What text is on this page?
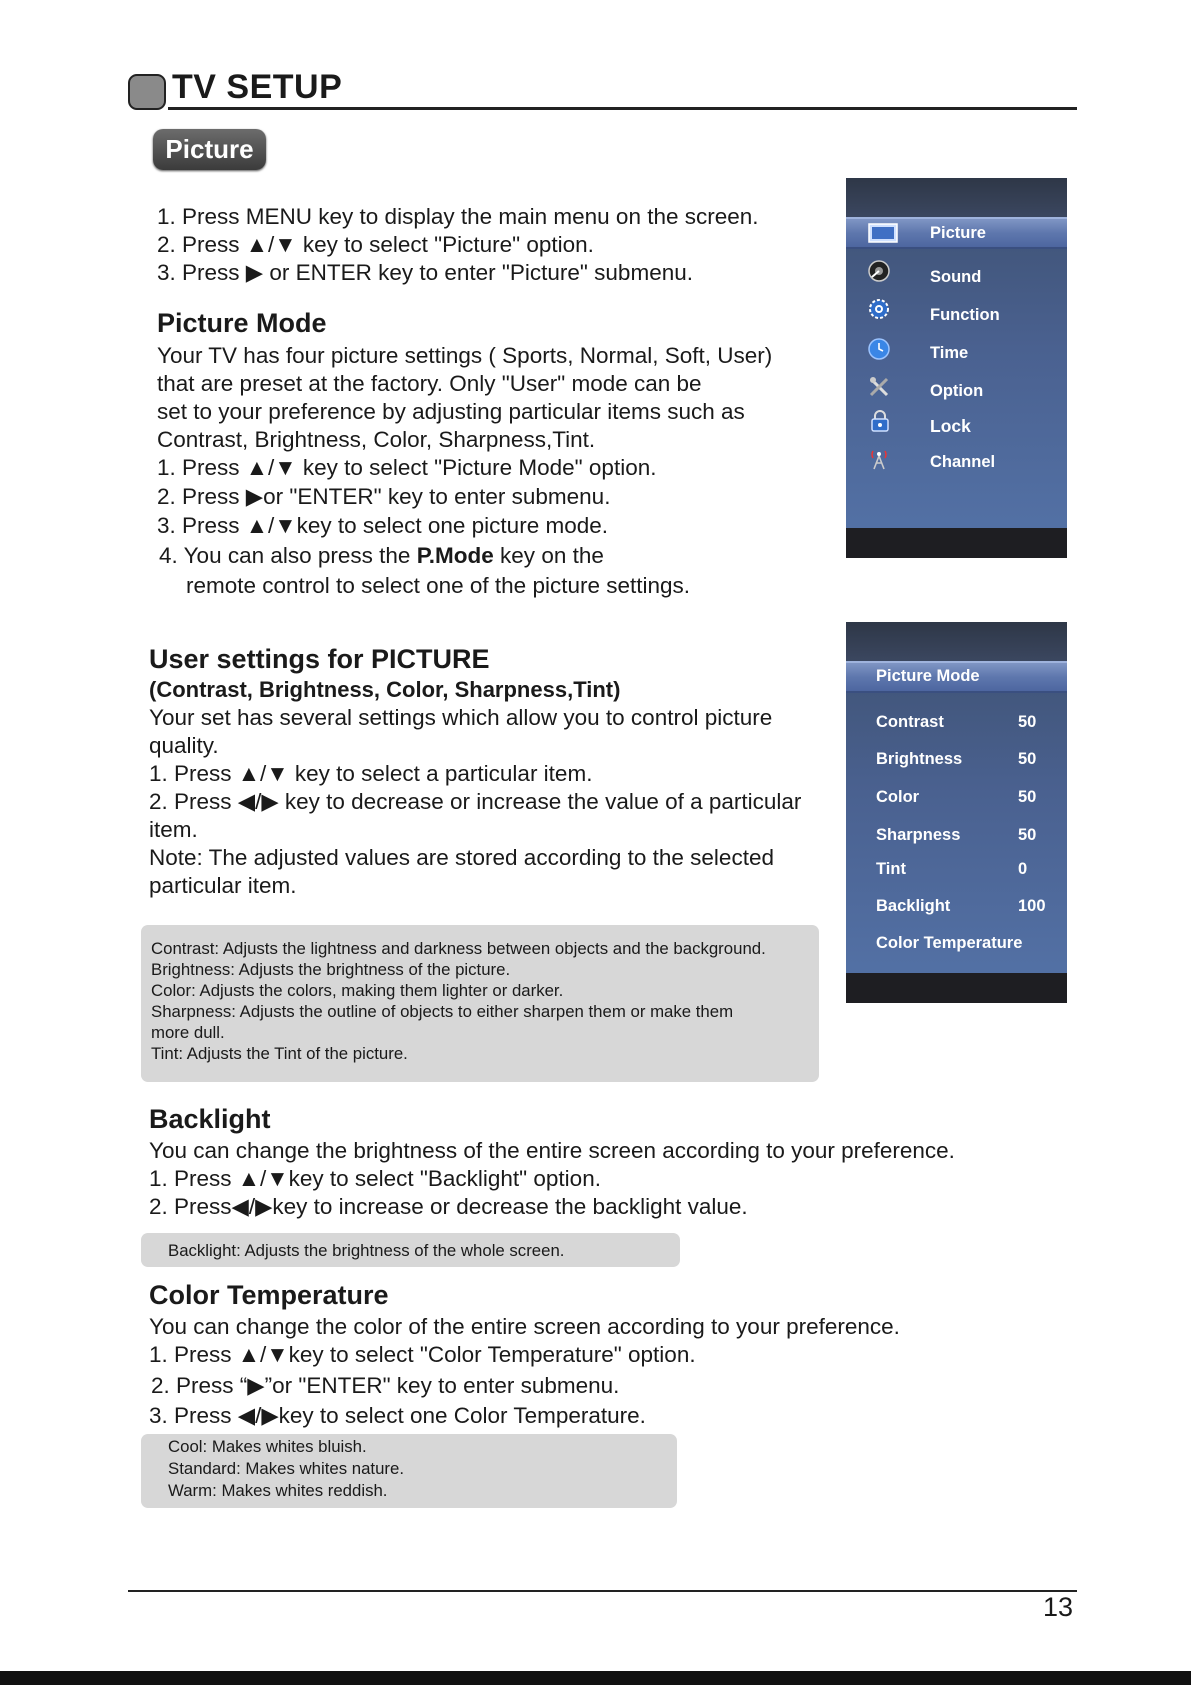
TV SETUP
Picture
1. Press MENU key to display the main menu on the screen.
2. Press ▲/▼ key to select "Picture" option.
3. Press ▶ or ENTER key to enter "Picture" submenu.
Picture Mode
Your TV has four picture settings ( Sports, Normal, Soft, User)
that are preset at the factory. Only "User" mode can be
set to your preference by adjusting particular items such as
Contrast, Brightness, Color, Sharpness,Tint.
1. Press ▲/▼ key to select "Picture Mode" option.
2. Press ▶or "ENTER" key to enter submenu.
3. Press ▲/▼key to select one picture mode.
4. You can also press the P.Mode key on the
remote control to select one of the picture settings.
User settings for PICTURE
(Contrast, Brightness, Color, Sharpness,Tint)
Your set has several settings which allow you to control picture
quality.
1. Press ▲/▼ key to select a particular item.
2. Press ◀/▶ key to decrease or increase the value of a particular
item.
Note: The adjusted values are stored according to the selected
particular item.
Contrast: Adjusts the lightness and darkness between objects and the background.
Brightness: Adjusts the brightness of the picture.
Color: Adjusts the colors, making them lighter or darker.
Sharpness: Adjusts the outline of objects to either sharpen them or make them
more dull.
Tint: Adjusts the Tint of the picture.
Backlight
You can change the brightness of the entire screen according to your preference.
1. Press ▲/▼key to select "Backlight" option.
2. Press◀/▶key to increase or decrease the backlight value.
Backlight: Adjusts the brightness of the whole screen.
Color Temperature
You can change the color of the entire screen according to your preference.
1. Press ▲/▼key to select "Color Temperature" option.
2. Press “▶”or "ENTER" key to enter submenu.
3. Press ◀/▶key to select one Color Temperature.
Cool: Makes whites bluish.
Standard: Makes whites nature.
Warm: Makes whites reddish.
Picture
Sound
Function
Time
Option
Lock
Channel
Picture Mode
Contrast	50
Brightness	50
Color	50
Sharpness	50
Tint	0
Backlight	100
Color Temperature
13
